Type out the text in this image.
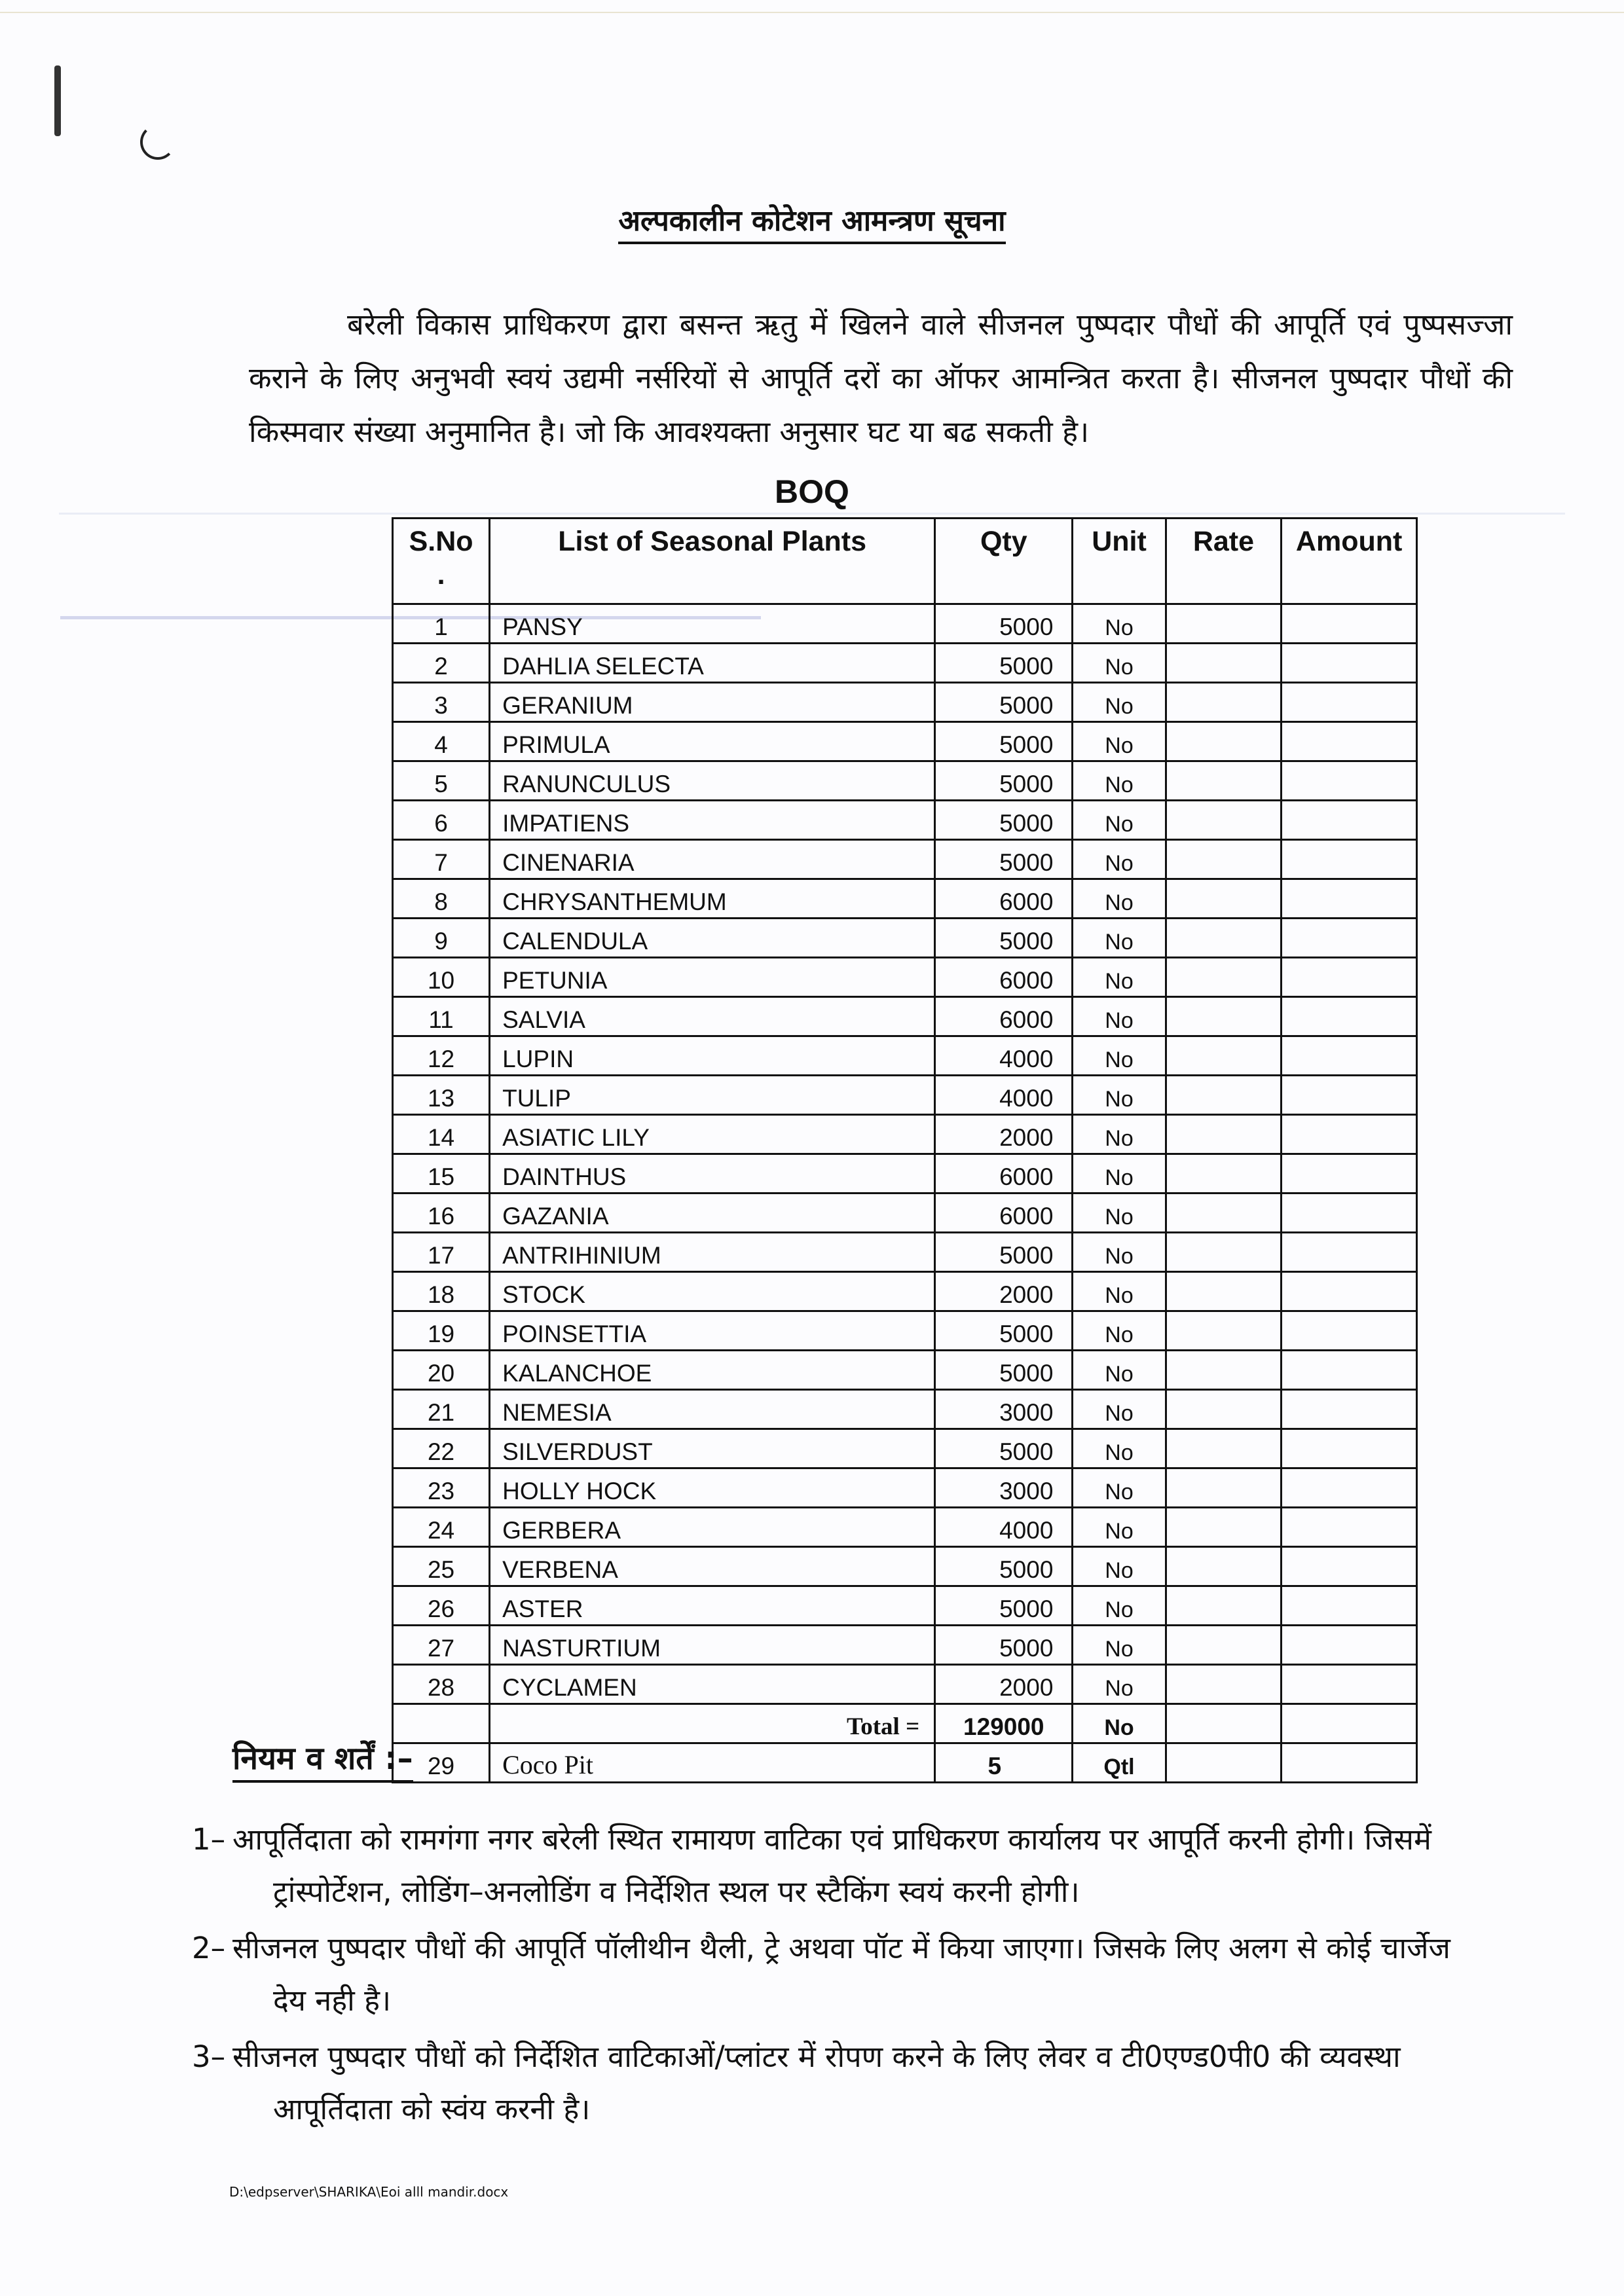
अल्पकालीन कोटेशन आमन्त्रण सूचना

बरेली विकास प्राधिकरण द्वारा बसन्त ऋतु में खिलने वाले सीजनल पुष्पदार पौधों की आपूर्ति एवं पुष्पसज्जा कराने के लिए अनुभवी स्वयं उद्यमी नर्सरियों से आपूर्ति दरों का ऑफर आमन्त्रित करता है। सीजनल पुष्पदार पौधों की किस्मवार संख्या अनुमानित है। जो कि आवश्यक्ता अनुसार घट या बढ सकती है।

BOQ
S.No
.	List of Seasonal Plants	Qty	Unit	Rate	Amount
1	PANSY	5000	No		
2	DAHLIA SELECTA	5000	No		
3	GERANIUM	5000	No		
4	PRIMULA	5000	No		
5	RANUNCULUS	5000	No		
6	IMPATIENS	5000	No		
7	CINENARIA	5000	No		
8	CHRYSANTHEMUM	6000	No		
9	CALENDULA	5000	No		
10	PETUNIA	6000	No		
11	SALVIA	6000	No		
12	LUPIN	4000	No		
13	TULIP	4000	No		
14	ASIATIC LILY	2000	No		
15	DAINTHUS	6000	No		
16	GAZANIA	6000	No		
17	ANTRIHINIUM	5000	No		
18	STOCK	2000	No		
19	POINSETTIA	5000	No		
20	KALANCHOE	5000	No		
21	NEMESIA	3000	No		
22	SILVERDUST	5000	No		
23	HOLLY HOCK	3000	No		
24	GERBERA	4000	No		
25	VERBENA	5000	No		
26	ASTER	5000	No		
27	NASTURTIUM	5000	No		
28	CYCLAMEN	2000	No		
	Total =	129000	No		
29	Coco Pit	5	Qtl		
नियम व शर्तें :–

1– आपूर्तिदाता को रामगंगा नगर बरेली स्थित रामायण वाटिका एवं प्राधिकरण कार्यालय पर आपूर्ति करनी होगी। जिसमें ट्रांस्पोर्टेशन, लोडिंग–अनलोडिंग व निर्देशित स्थल पर स्टैकिंग स्वयं करनी होगी।

2– सीजनल पुष्पदार पौधों की आपूर्ति पॉलीथीन थैली, ट्रे अथवा पॉट में किया जाएगा। जिसके लिए अलग से कोई चार्जेज देय नही है।

3– सीजनल पुष्पदार पौधों को निर्देशित वाटिकाओं/प्लांटर में रोपण करने के लिए लेवर व टी0एण्ड0पी0 की व्यवस्था आपूर्तिदाता को स्वंय करनी है।

D:\edpserver\SHARIKA\Eoi alll mandir.docx
